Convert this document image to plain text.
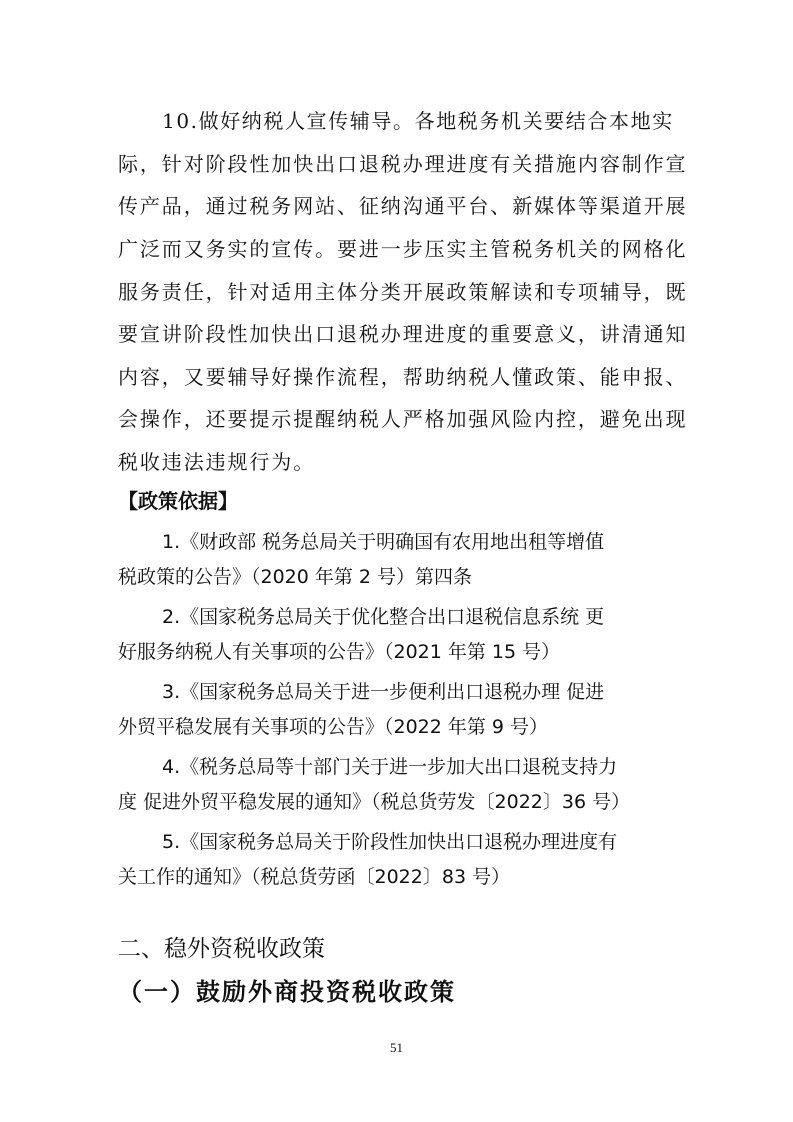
10.做好纳税人宣传辅导。各地税务机关要结合本地实
际，针对阶段性加快出口退税办理进度有关措施内容制作宣
传产品，通过税务网站、征纳沟通平台、新媒体等渠道开展
广泛而又务实的宣传。要进一步压实主管税务机关的网格化
服务责任，针对适用主体分类开展政策解读和专项辅导，既
要宣讲阶段性加快出口退税办理进度的重要意义，讲清通知
内容，又要辅导好操作流程，帮助纳税人懂政策、能申报、
会操作，还要提示提醒纳税人严格加强风险内控，避免出现
税收违法违规行为。
【政策依据】
1.《财政部 税务总局关于明确国有农用地出租等增值
税政策的公告》（2020 年第 2 号）第四条
2.《国家税务总局关于优化整合出口退税信息系统 更
好服务纳税人有关事项的公告》（2021 年第 15 号）
3.《国家税务总局关于进一步便利出口退税办理 促进
外贸平稳发展有关事项的公告》（2022 年第 9 号）
4.《税务总局等十部门关于进一步加大出口退税支持力
度 促进外贸平稳发展的通知》（税总货劳发〔2022〕36 号）
5.《国家税务总局关于阶段性加快出口退税办理进度有
关工作的通知》（税总货劳函〔2022〕83 号）
二、稳外资税收政策
（一）鼓励外商投资税收政策
51
